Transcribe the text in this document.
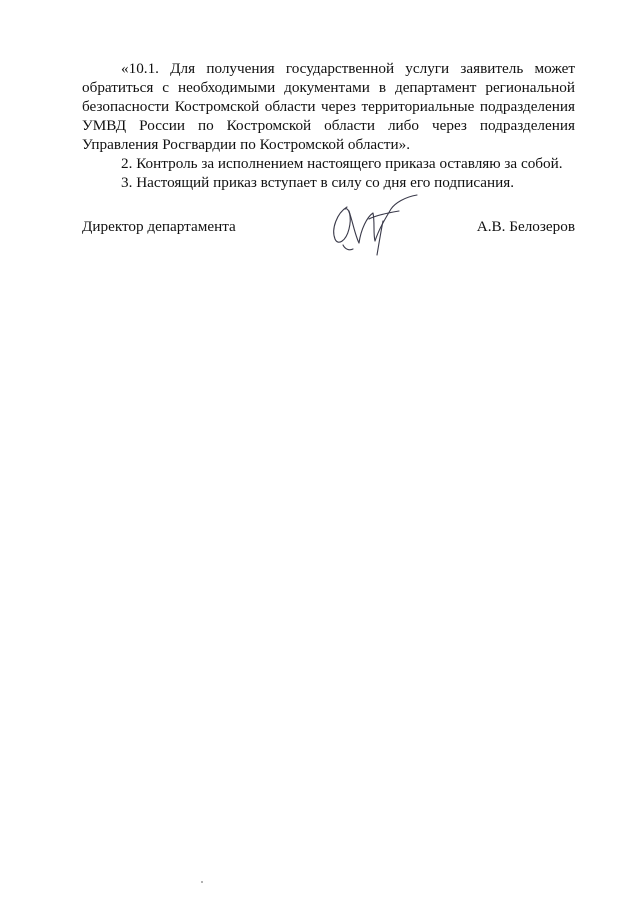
«10.1. Для получения государственной услуги заявитель может обратиться с необходимыми документами в департамент региональной безопасности Костромской области через территориальные подразделения УМВД России по Костромской области либо через подразделения Управления Росгвардии по Костромской области».

2. Контроль за исполнением настоящего приказа оставляю за собой.

3. Настоящий приказ вступает в силу со дня его подписания.

Директор департамента	А.В. Белозеров
